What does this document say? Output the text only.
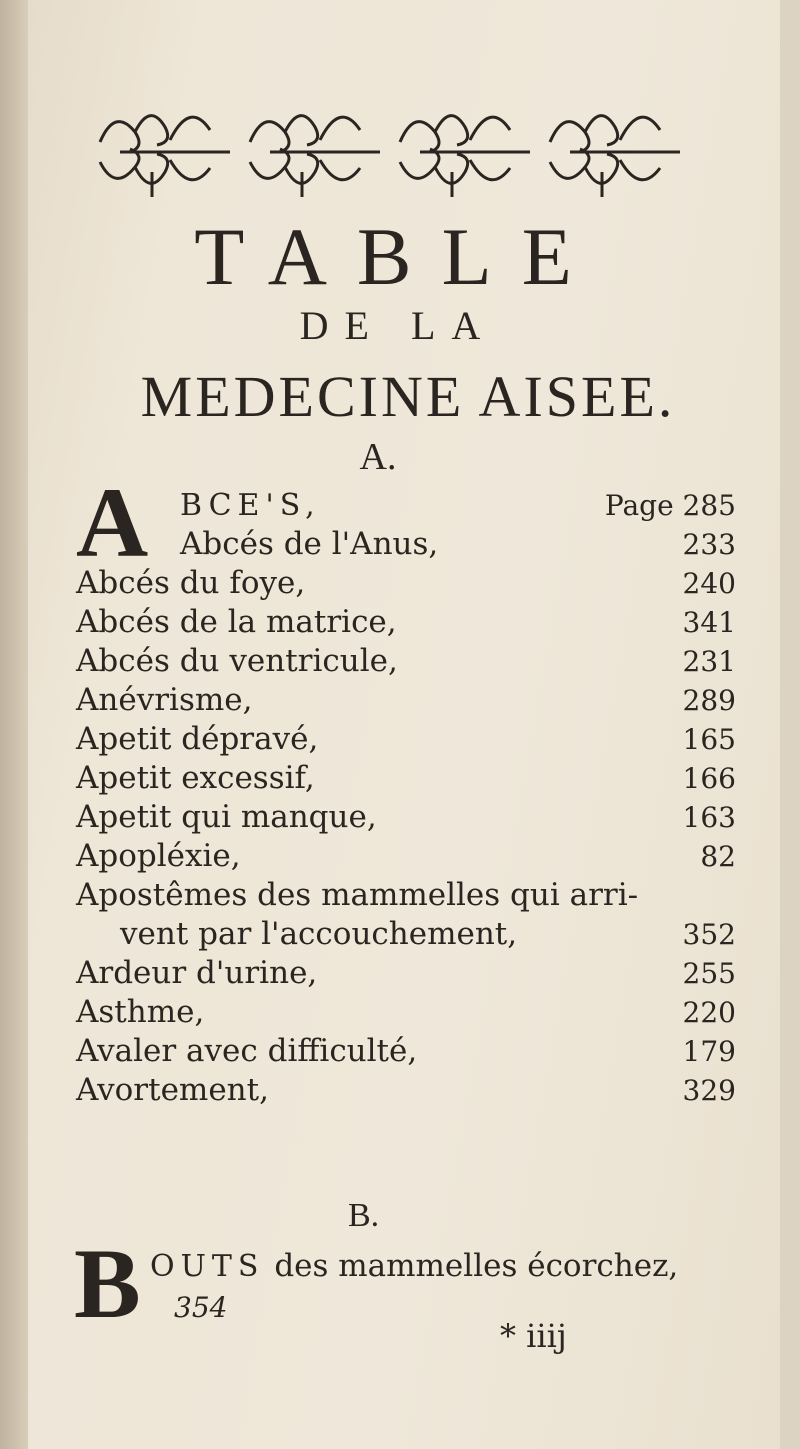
TABLE
DE LA
MEDECINE AISEE.
A.
A BCE'S,	Page 285
Abcés de l'Anus,	233
Abcés du foye,	240
Abcés de la matrice,	341
Abcés du ventricule,	231
Anévrisme,	289
Apetit dépravé,	165
Apetit excessif,	166
Apetit qui manque,	163
Apopléxie,	82
Apostêmes des mammelles qui arri-
vent par l'accouchement,	352
Ardeur d'urine,	255
Asthme,	220
Avaler avec difficulté,	179
Avortement,	329
B.
B OUTS des mammelles écorchez,
354
* iiij
